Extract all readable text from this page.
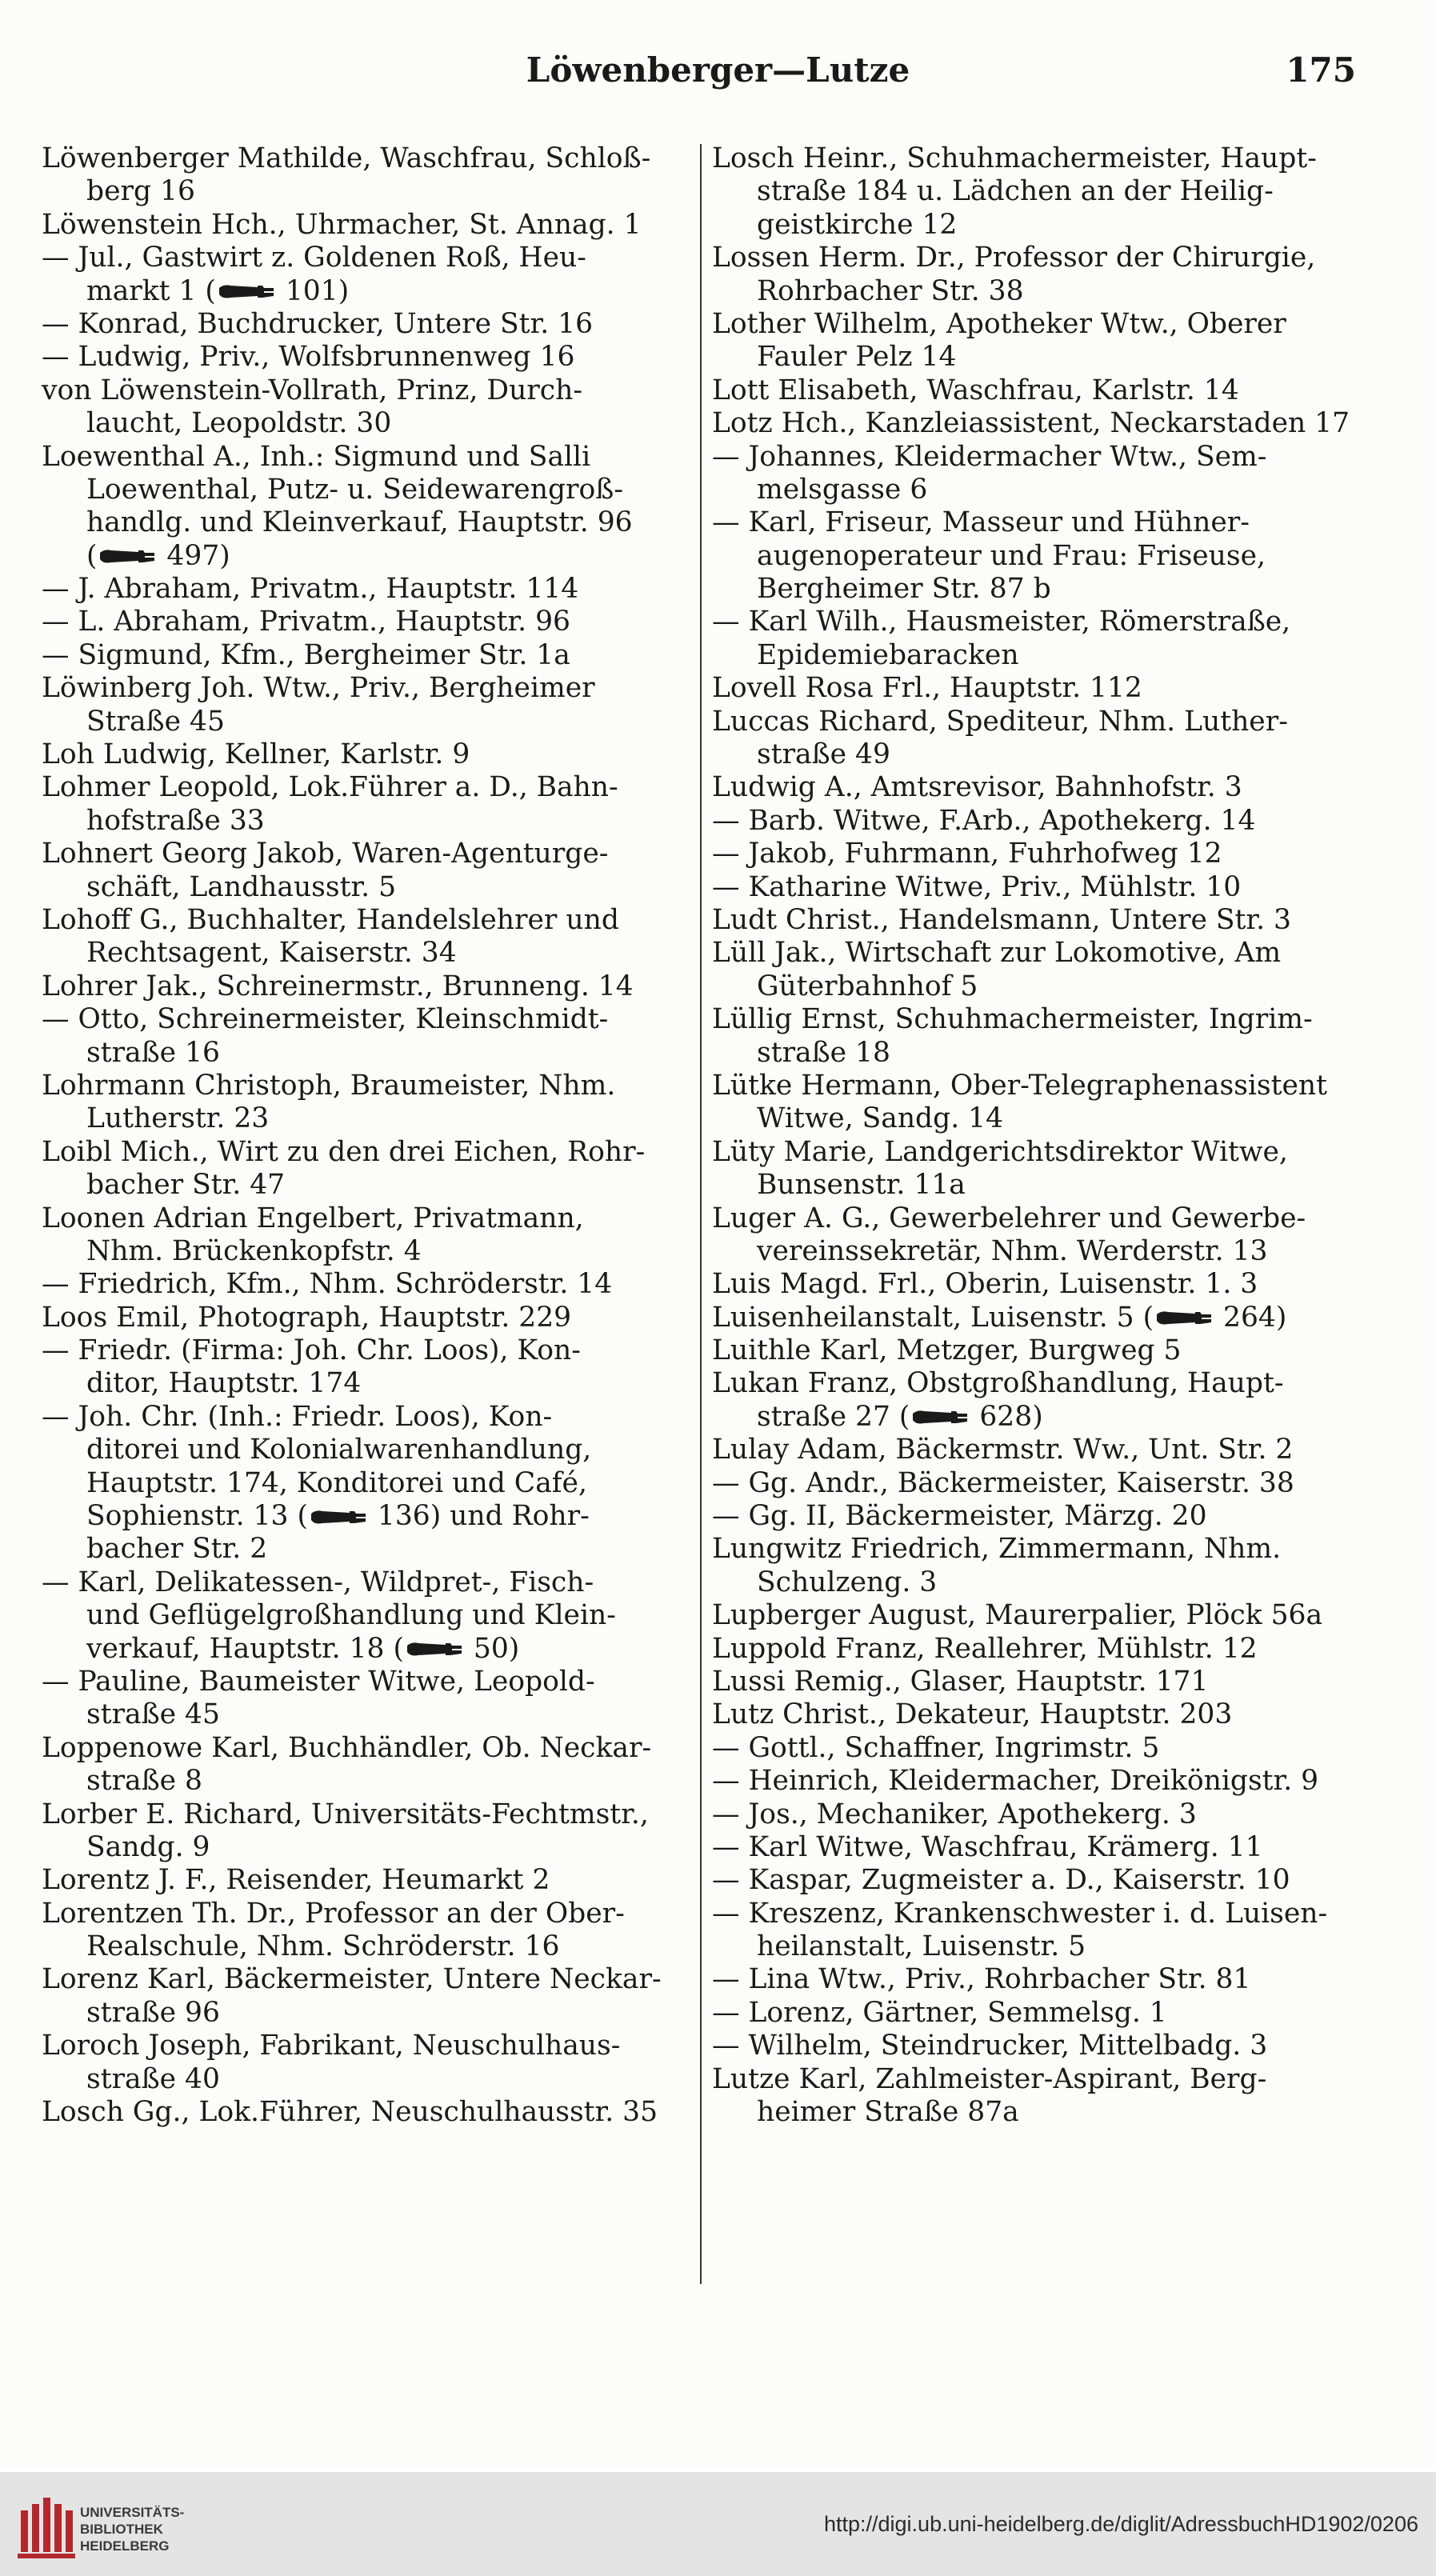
Löwenberger—Lutze	175
Löwenberger Mathilde, Waschfrau, Schloß-
berg 16
Löwenstein Hch., Uhrmacher, St. Annag. 1
— Jul., Gastwirt z. Goldenen Roß, Heu-
markt 1 (
101)
— Konrad, Buchdrucker, Untere Str. 16
— Ludwig, Priv., Wolfsbrunnenweg 16
von Löwenstein-Vollrath, Prinz, Durch-
laucht, Leopoldstr. 30
Loewenthal A., Inh.: Sigmund und Salli
Loewenthal, Putz- u. Seidewarengroß-
handlg. und Kleinverkauf, Hauptstr. 96
(
497)
— J. Abraham, Privatm., Hauptstr. 114
— L. Abraham, Privatm., Hauptstr. 96
— Sigmund, Kfm., Bergheimer Str. 1a
Löwinberg Joh. Wtw., Priv., Bergheimer
Straße 45
Loh Ludwig, Kellner, Karlstr. 9
Lohmer Leopold, Lok.Führer a. D., Bahn-
hofstraße 33
Lohnert Georg Jakob, Waren-Agenturge-
schäft, Landhausstr. 5
Lohoff G., Buchhalter, Handelslehrer und
Rechtsagent, Kaiserstr. 34
Lohrer Jak., Schreinermstr., Brunneng. 14
— Otto, Schreinermeister, Kleinschmidt-
straße 16
Lohrmann Christoph, Braumeister, Nhm.
Lutherstr. 23
Loibl Mich., Wirt zu den drei Eichen, Rohr-
bacher Str. 47
Loonen Adrian Engelbert, Privatmann,
Nhm. Brückenkopfstr. 4
— Friedrich, Kfm., Nhm. Schröderstr. 14
Loos Emil, Photograph, Hauptstr. 229
— Friedr. (Firma: Joh. Chr. Loos), Kon-
ditor, Hauptstr. 174
— Joh. Chr. (Inh.: Friedr. Loos), Kon-
ditorei und Kolonialwarenhandlung,
Hauptstr. 174, Konditorei und Café,
Sophienstr. 13 (
136) und Rohr-
bacher Str. 2
— Karl, Delikatessen-, Wildpret-, Fisch-
und Geflügelgroßhandlung und Klein-
verkauf, Hauptstr. 18 (
50)
— Pauline, Baumeister Witwe, Leopold-
straße 45
Loppenowe Karl, Buchhändler, Ob. Neckar-
straße 8
Lorber E. Richard, Universitäts-Fechtmstr.,
Sandg. 9
Lorentz J. F., Reisender, Heumarkt 2
Lorentzen Th. Dr., Professor an der Ober-
Realschule, Nhm. Schröderstr. 16
Lorenz Karl, Bäckermeister, Untere Neckar-
straße 96
Loroch Joseph, Fabrikant, Neuschulhaus-
straße 40
Losch Gg., Lok.Führer, Neuschulhausstr. 35
Losch Heinr., Schuhmachermeister, Haupt-
straße 184 u. Lädchen an der Heilig-
geistkirche 12
Lossen Herm. Dr., Professor der Chirurgie,
Rohrbacher Str. 38
Lother Wilhelm, Apotheker Wtw., Oberer
Fauler Pelz 14
Lott Elisabeth, Waschfrau, Karlstr. 14
Lotz Hch., Kanzleiassistent, Neckarstaden 17
— Johannes, Kleidermacher Wtw., Sem-
melsgasse 6
— Karl, Friseur, Masseur und Hühner-
augenoperateur und Frau: Friseuse,
Bergheimer Str. 87 b
— Karl Wilh., Hausmeister, Römerstraße,
Epidemiebaracken
Lovell Rosa Frl., Hauptstr. 112
Luccas Richard, Spediteur, Nhm. Luther-
straße 49
Ludwig A., Amtsrevisor, Bahnhofstr. 3
— Barb. Witwe, F.Arb., Apothekerg. 14
— Jakob, Fuhrmann, Fuhrhofweg 12
— Katharine Witwe, Priv., Mühlstr. 10
Ludt Christ., Handelsmann, Untere Str. 3
Lüll Jak., Wirtschaft zur Lokomotive, Am
Güterbahnhof 5
Lüllig Ernst, Schuhmachermeister, Ingrim-
straße 18
Lütke Hermann, Ober-Telegraphenassistent
Witwe, Sandg. 14
Lüty Marie, Landgerichtsdirektor Witwe,
Bunsenstr. 11a
Luger A. G., Gewerbelehrer und Gewerbe-
vereinssekretär, Nhm. Werderstr. 13
Luis Magd. Frl., Oberin, Luisenstr. 1. 3
Luisenheilanstalt, Luisenstr. 5 (
264)
Luithle Karl, Metzger, Burgweg 5
Lukan Franz, Obstgroßhandlung, Haupt-
straße 27 (
628)
Lulay Adam, Bäckermstr. Ww., Unt. Str. 2
— Gg. Andr., Bäckermeister, Kaiserstr. 38
— Gg. II, Bäckermeister, Märzg. 20
Lungwitz Friedrich, Zimmermann, Nhm.
Schulzeng. 3
Lupberger August, Maurerpalier, Plöck 56a
Luppold Franz, Reallehrer, Mühlstr. 12
Lussi Remig., Glaser, Hauptstr. 171
Lutz Christ., Dekateur, Hauptstr. 203
— Gottl., Schaffner, Ingrimstr. 5
— Heinrich, Kleidermacher, Dreikönigstr. 9
— Jos., Mechaniker, Apothekerg. 3
— Karl Witwe, Waschfrau, Krämerg. 11
— Kaspar, Zugmeister a. D., Kaiserstr. 10
— Kreszenz, Krankenschwester i. d. Luisen-
heilanstalt, Luisenstr. 5
— Lina Wtw., Priv., Rohrbacher Str. 81
— Lorenz, Gärtner, Semmelsg. 1
— Wilhelm, Steindrucker, Mittelbadg. 3
Lutze Karl, Zahlmeister-Aspirant, Berg-
heimer Straße 87a
UNIVERSITÄTS-
BIBLIOTHEK
HEIDELBERG
http://digi.ub.uni-heidelberg.de/diglit/AdressbuchHD1902/0206
